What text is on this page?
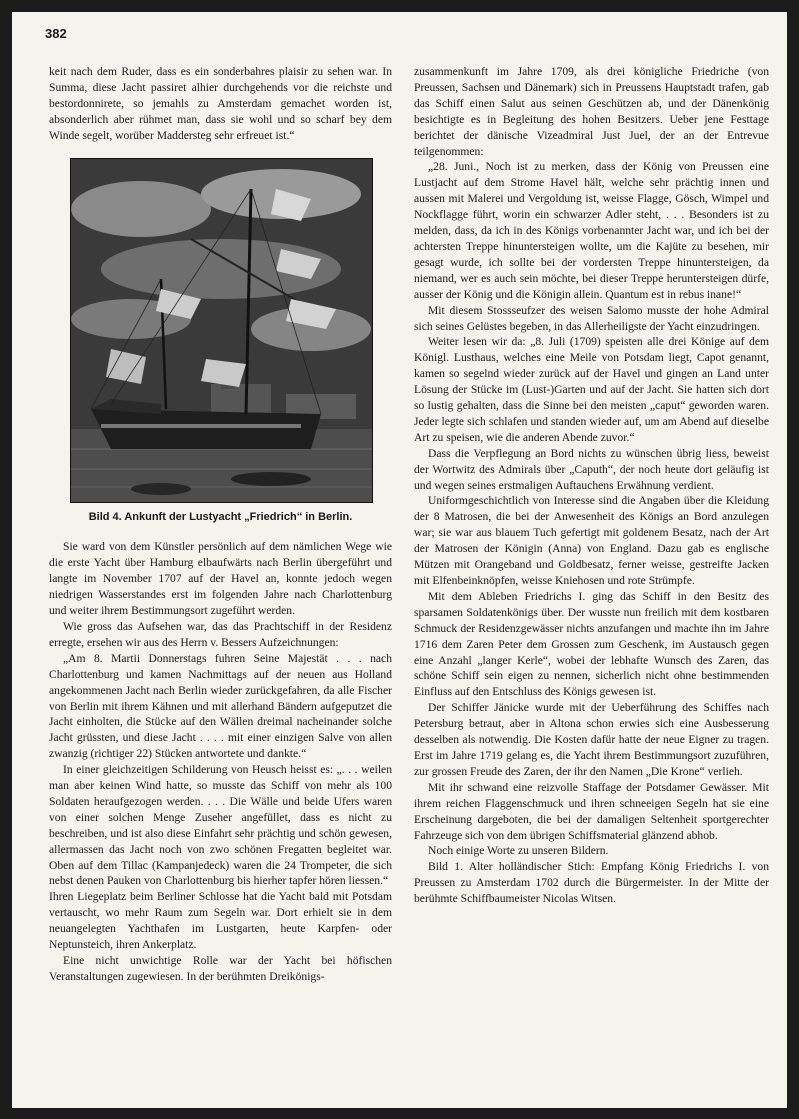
382

keit nach dem Ruder, dass es ein sonderbahres plaisir zu sehen war. In Summa, diese Jacht passiret alhier durchgehends vor die reichste und bestordonnirete, so jemahls zu Amsterdam gemachet worden ist, absonderlich aber rühmet man, dass sie wohl und so scharf bey dem Winde segelt, worüber Maddersteg sehr erfreuet ist.“

Bild 4. Ankunft der Lustyacht „Friedrich“ in Berlin.

Sie ward von dem Künstler persönlich auf dem nämlichen Wege wie die erste Yacht über Hamburg elbaufwärts nach Berlin übergeführt und langte im November 1707 auf der Havel an, konnte jedoch wegen niedrigen Wasserstandes erst im folgenden Jahre nach Charlottenburg und weiter ihrem Bestimmungsort zugeführt werden.

Wie gross das Aufsehen war, das das Prachtschiff in der Residenz erregte, ersehen wir aus des Herrn v. Bessers Aufzeichnungen:

„Am 8. Martii Donnerstags fuhren Seine Majestät . . . nach Charlottenburg und kamen Nachmittags auf der neuen aus Holland angekommenen Jacht nach Berlin wieder zurückgefahren, da alle Fischer von Berlin mit ihrem Kähnen und mit allerhand Bändern aufgeputzet die Jacht einholten, die Stücke auf den Wällen dreimal nacheinander solche Jacht grüssten, und diese Jacht . . . . mit einer einzigen Salve von allen zwanzig (richtiger 22) Stücken antwortete und dankte.“

In einer gleichzeitigen Schilderung von Heusch heisst es: „. . . weilen man aber keinen Wind hatte, so musste das Schiff von mehr als 100 Soldaten heraufgezogen werden. . . . Die Wälle und beide Ufers waren von einer solchen Menge Zuseher angefüllet, dass es nicht zu beschreiben, und ist also diese Einfahrt sehr prächtig und schön gewesen, allermassen das Jacht noch von zwo schönen Fregatten begleitet war. Oben auf dem Tillac (Kampanjedeck) waren die 24 Trompeter, die sich nebst denen Pauken von Charlottenburg bis hierher tapfer hören liessen.“

Ihren Liegeplatz beim Berliner Schlosse hat die Yacht bald mit Potsdam vertauscht, wo mehr Raum zum Segeln war. Dort erhielt sie in dem neuangelegten Yachthafen im Lustgarten, heute Karpfen- oder Neptunsteich, ihren Ankerplatz.

Eine nicht unwichtige Rolle war der Yacht bei höfischen Veranstaltungen zugewiesen. In der berühmten Dreikönigs-

zusammenkunft im Jahre 1709, als drei königliche Friedriche (von Preussen, Sachsen und Dänemark) sich in Preussens Hauptstadt trafen, gab das Schiff einen Salut aus seinen Geschützen ab, und der Dänenkönig besichtigte es in Begleitung des hohen Besitzers. Ueber jene Festtage berichtet der dänische Vizeadmiral Just Juel, der an der Entrevue teilgenommen:

„28. Juni., Noch ist zu merken, dass der König von Preussen eine Lustjacht auf dem Strome Havel hält, welche sehr prächtig innen und aussen mit Malerei und Vergoldung ist, weisse Flagge, Gösch, Wimpel und Nockflagge führt, worin ein schwarzer Adler steht, . . . Besonders ist zu melden, dass, da ich in des Königs vorbenannter Jacht war, und ich bei der achtersten Treppe hinuntersteigen wollte, um die Kajüte zu besehen, mir gesagt wurde, ich sollte bei der vordersten Treppe hinuntersteigen, da niemand, wer es auch sein möchte, bei dieser Treppe heruntersteigen dürfe, ausser der König und die Königin allein. Quantum est in rebus inane!“

Mit diesem Stossseufzer des weisen Salomo musste der hohe Admiral sich seines Gelüstes begeben, in das Allerheiligste der Yacht einzudringen.

Weiter lesen wir da: „8. Juli (1709) speisten alle drei Könige auf dem Königl. Lusthaus, welches eine Meile von Potsdam liegt, Capot genannt, kamen so segelnd wieder zurück auf der Havel und gingen an Land unter Lösung der Stücke im (Lust-)Garten und auf der Jacht. Sie hatten sich dort so lustig gehalten, dass die Sinne bei den meisten „caput“ geworden waren. Jeder legte sich schlafen und standen wieder auf, um am Abend auf dieselbe Art zu speisen, wie die anderen Abende zuvor.“

Dass die Verpflegung an Bord nichts zu wünschen übrig liess, beweist der Wortwitz des Admirals über „Caputh“, der noch heute dort geläufig ist und wegen seines erstmaligen Auftauchens Erwähnung verdient.

Uniformgeschichtlich von Interesse sind die Angaben über die Kleidung der 8 Matrosen, die bei der Anwesenheit des Königs an Bord anzulegen war; sie war aus blauem Tuch gefertigt mit goldenem Besatz, nach der Art der Matrosen der Königin (Anna) von England. Dazu gab es englische Mützen mit Orangeband und Goldbesatz, ferner weisse, gestreifte Jacken mit Elfenbeinknöpfen, weisse Kniehosen und rote Strümpfe.

Mit dem Ableben Friedrichs I. ging das Schiff in den Besitz des sparsamen Soldatenkönigs über. Der wusste nun freilich mit dem kostbaren Schmuck der Residenzgewässer nichts anzufangen und machte ihn im Jahre 1716 dem Zaren Peter dem Grossen zum Geschenk, im Austausch gegen eine Anzahl „langer Kerle“, wobei der lebhafte Wunsch des Zaren, das schöne Schiff sein eigen zu nennen, sicherlich nicht ohne bestimmenden Einfluss auf den Entschluss des Königs gewesen ist.

Der Schiffer Jänicke wurde mit der Ueberführung des Schiffes nach Petersburg betraut, aber in Altona schon erwies sich eine Ausbesserung desselben als notwendig. Die Kosten dafür hatte der neue Eigner zu tragen. Erst im Jahre 1719 gelang es, die Yacht ihrem Bestimmungsort zuzuführen, zur grossen Freude des Zaren, der ihr den Namen „Die Krone“ verlieh.

Mit ihr schwand eine reizvolle Staffage der Potsdamer Gewässer. Mit ihrem reichen Flaggenschmuck und ihren schneeigen Segeln hat sie eine Erscheinung dargeboten, die bei der damaligen Seltenheit sportgerechter Fahrzeuge sich von dem übrigen Schiffsmaterial glänzend abhob.

Noch einige Worte zu unseren Bildern.

Bild 1. Alter holländischer Stich: Empfang König Friedrichs I. von Preussen zu Amsterdam 1702 durch die Bürgermeister. In der Mitte der berühmte Schiffbaumeister Nicolas Witsen.
